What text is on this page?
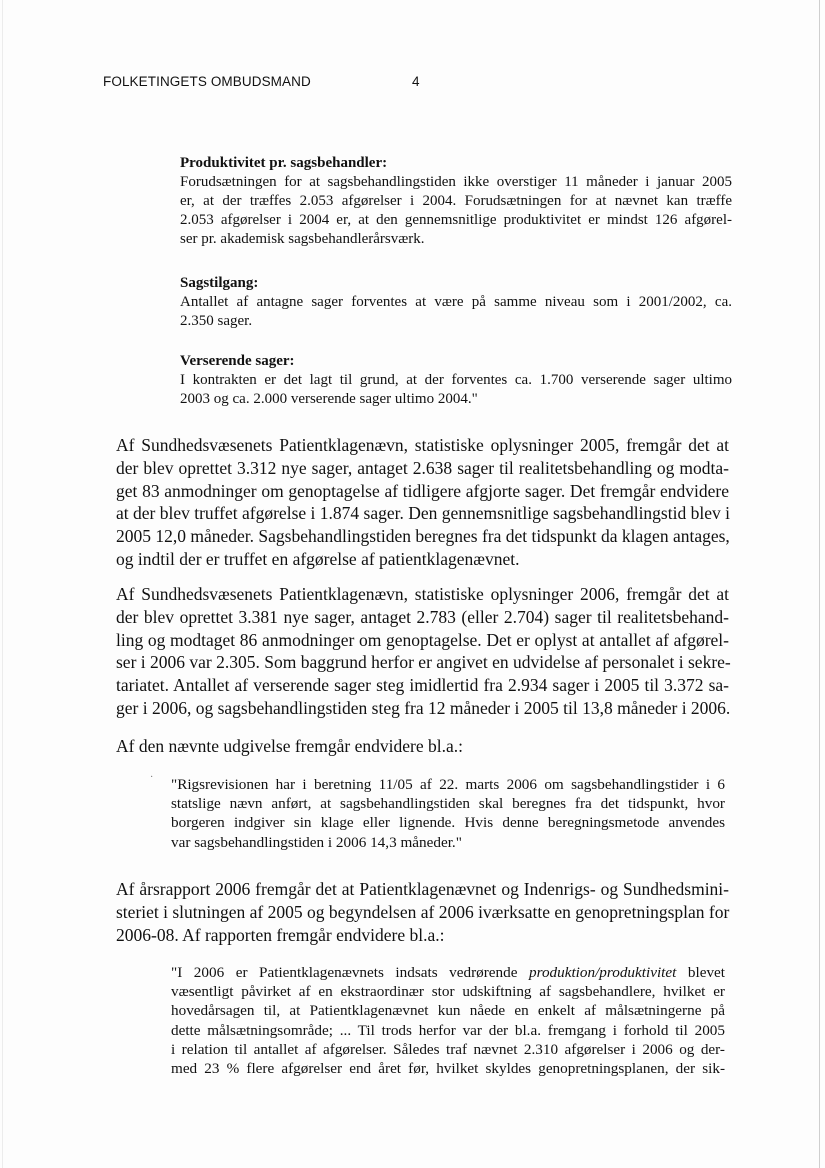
FOLKETINGETS OMBUDSMAND	4

Produktivitet pr. sagsbehandler:

Forudsætningen for at sagsbehandlingstiden ikke overstiger 11 måneder i januar 2005
er, at der træffes 2.053 afgørelser i 2004. Forudsætningen for at nævnet kan træffe
2.053 afgørelser i 2004 er, at den gennemsnitlige produktivitet er mindst 126 afgørel-
ser pr. akademisk sagsbehandlerårsværk.

Sagstilgang:

Antallet af antagne sager forventes at være på samme niveau som i 2001/2002, ca.
2.350 sager.

Verserende sager:

I kontrakten er det lagt til grund, at der forventes ca. 1.700 verserende sager ultimo
2003 og ca. 2.000 verserende sager ultimo 2004."

Af Sundhedsvæsenets Patientklagenævn, statistiske oplysninger 2005, fremgår det at
der blev oprettet 3.312 nye sager, antaget 2.638 sager til realitetsbehandling og modta-
get 83 anmodninger om genoptagelse af tidligere afgjorte sager. Det fremgår endvidere
at der blev truffet afgørelse i 1.874 sager. Den gennemsnitlige sagsbehandlingstid blev i
2005 12,0 måneder. Sagsbehandlingstiden beregnes fra det tidspunkt da klagen antages,
og indtil der er truffet en afgørelse af patientklagenævnet.

Af Sundhedsvæsenets Patientklagenævn, statistiske oplysninger 2006, fremgår det at
der blev oprettet 3.381 nye sager, antaget 2.783 (eller 2.704) sager til realitetsbehand-
ling og modtaget 86 anmodninger om genoptagelse. Det er oplyst at antallet af afgørel-
ser i 2006 var 2.305. Som baggrund herfor er angivet en udvidelse af personalet i sekre-
tariatet. Antallet af verserende sager steg imidlertid fra 2.934 sager i 2005 til 3.372 sa-
ger i 2006, og sagsbehandlingstiden steg fra 12 måneder i 2005 til 13,8 måneder i 2006.

Af den nævnte udgivelse fremgår endvidere bl.a.:

· "Rigsrevisionen har i beretning 11/05 af 22. marts 2006 om sagsbehandlingstider i 6
statslige nævn anført, at sagsbehandlingstiden skal beregnes fra det tidspunkt, hvor
borgeren indgiver sin klage eller lignende. Hvis denne beregningsmetode anvendes
var sagsbehandlingstiden i 2006 14,3 måneder."

Af årsrapport 2006 fremgår det at Patientklagenævnet og Indenrigs- og Sundhedsmini-
steriet i slutningen af 2005 og begyndelsen af 2006 iværksatte en genopretningsplan for
2006-08. Af rapporten fremgår endvidere bl.a.:

"I 2006 er Patientklagenævnets indsats vedrørende produktion/produktivitet blevet
væsentligt påvirket af en ekstraordinær stor udskiftning af sagsbehandlere, hvilket er
hovedårsagen til, at Patientklagenævnet kun nåede en enkelt af målsætningerne på
dette målsætningsområde; ... Til trods herfor var der bl.a. fremgang i forhold til 2005
i relation til antallet af afgørelser. Således traf nævnet 2.310 afgørelser i 2006 og der-
med 23 % flere afgørelser end året før, hvilket skyldes genopretningsplanen, der sik-
